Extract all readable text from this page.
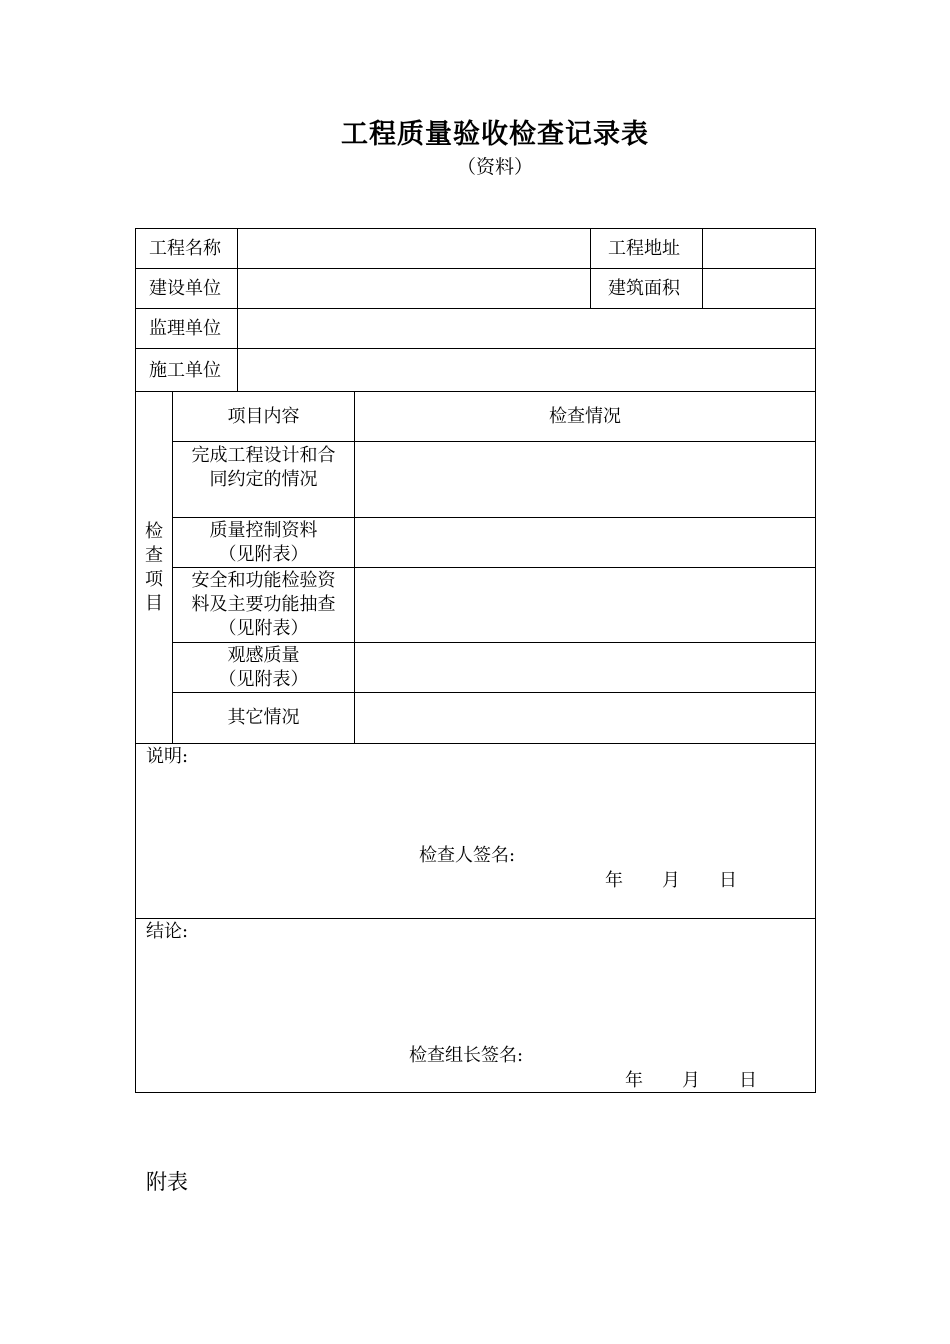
工程质量验收检查记录表
（资料）
工程名称	工程地址
建设单位	建筑面积
监理单位
施工单位
检
查
项
目
项目内容	检查情况
完成工程设计和合
同约定的情况
质量控制资料
（见附表）
安全和功能检验资
料及主要功能抽查
（见附表）
观感质量
（见附表）
其它情况
说明:
检查人签名:
年 月 日
结论:
检查组长签名:
年 月 日
附表
